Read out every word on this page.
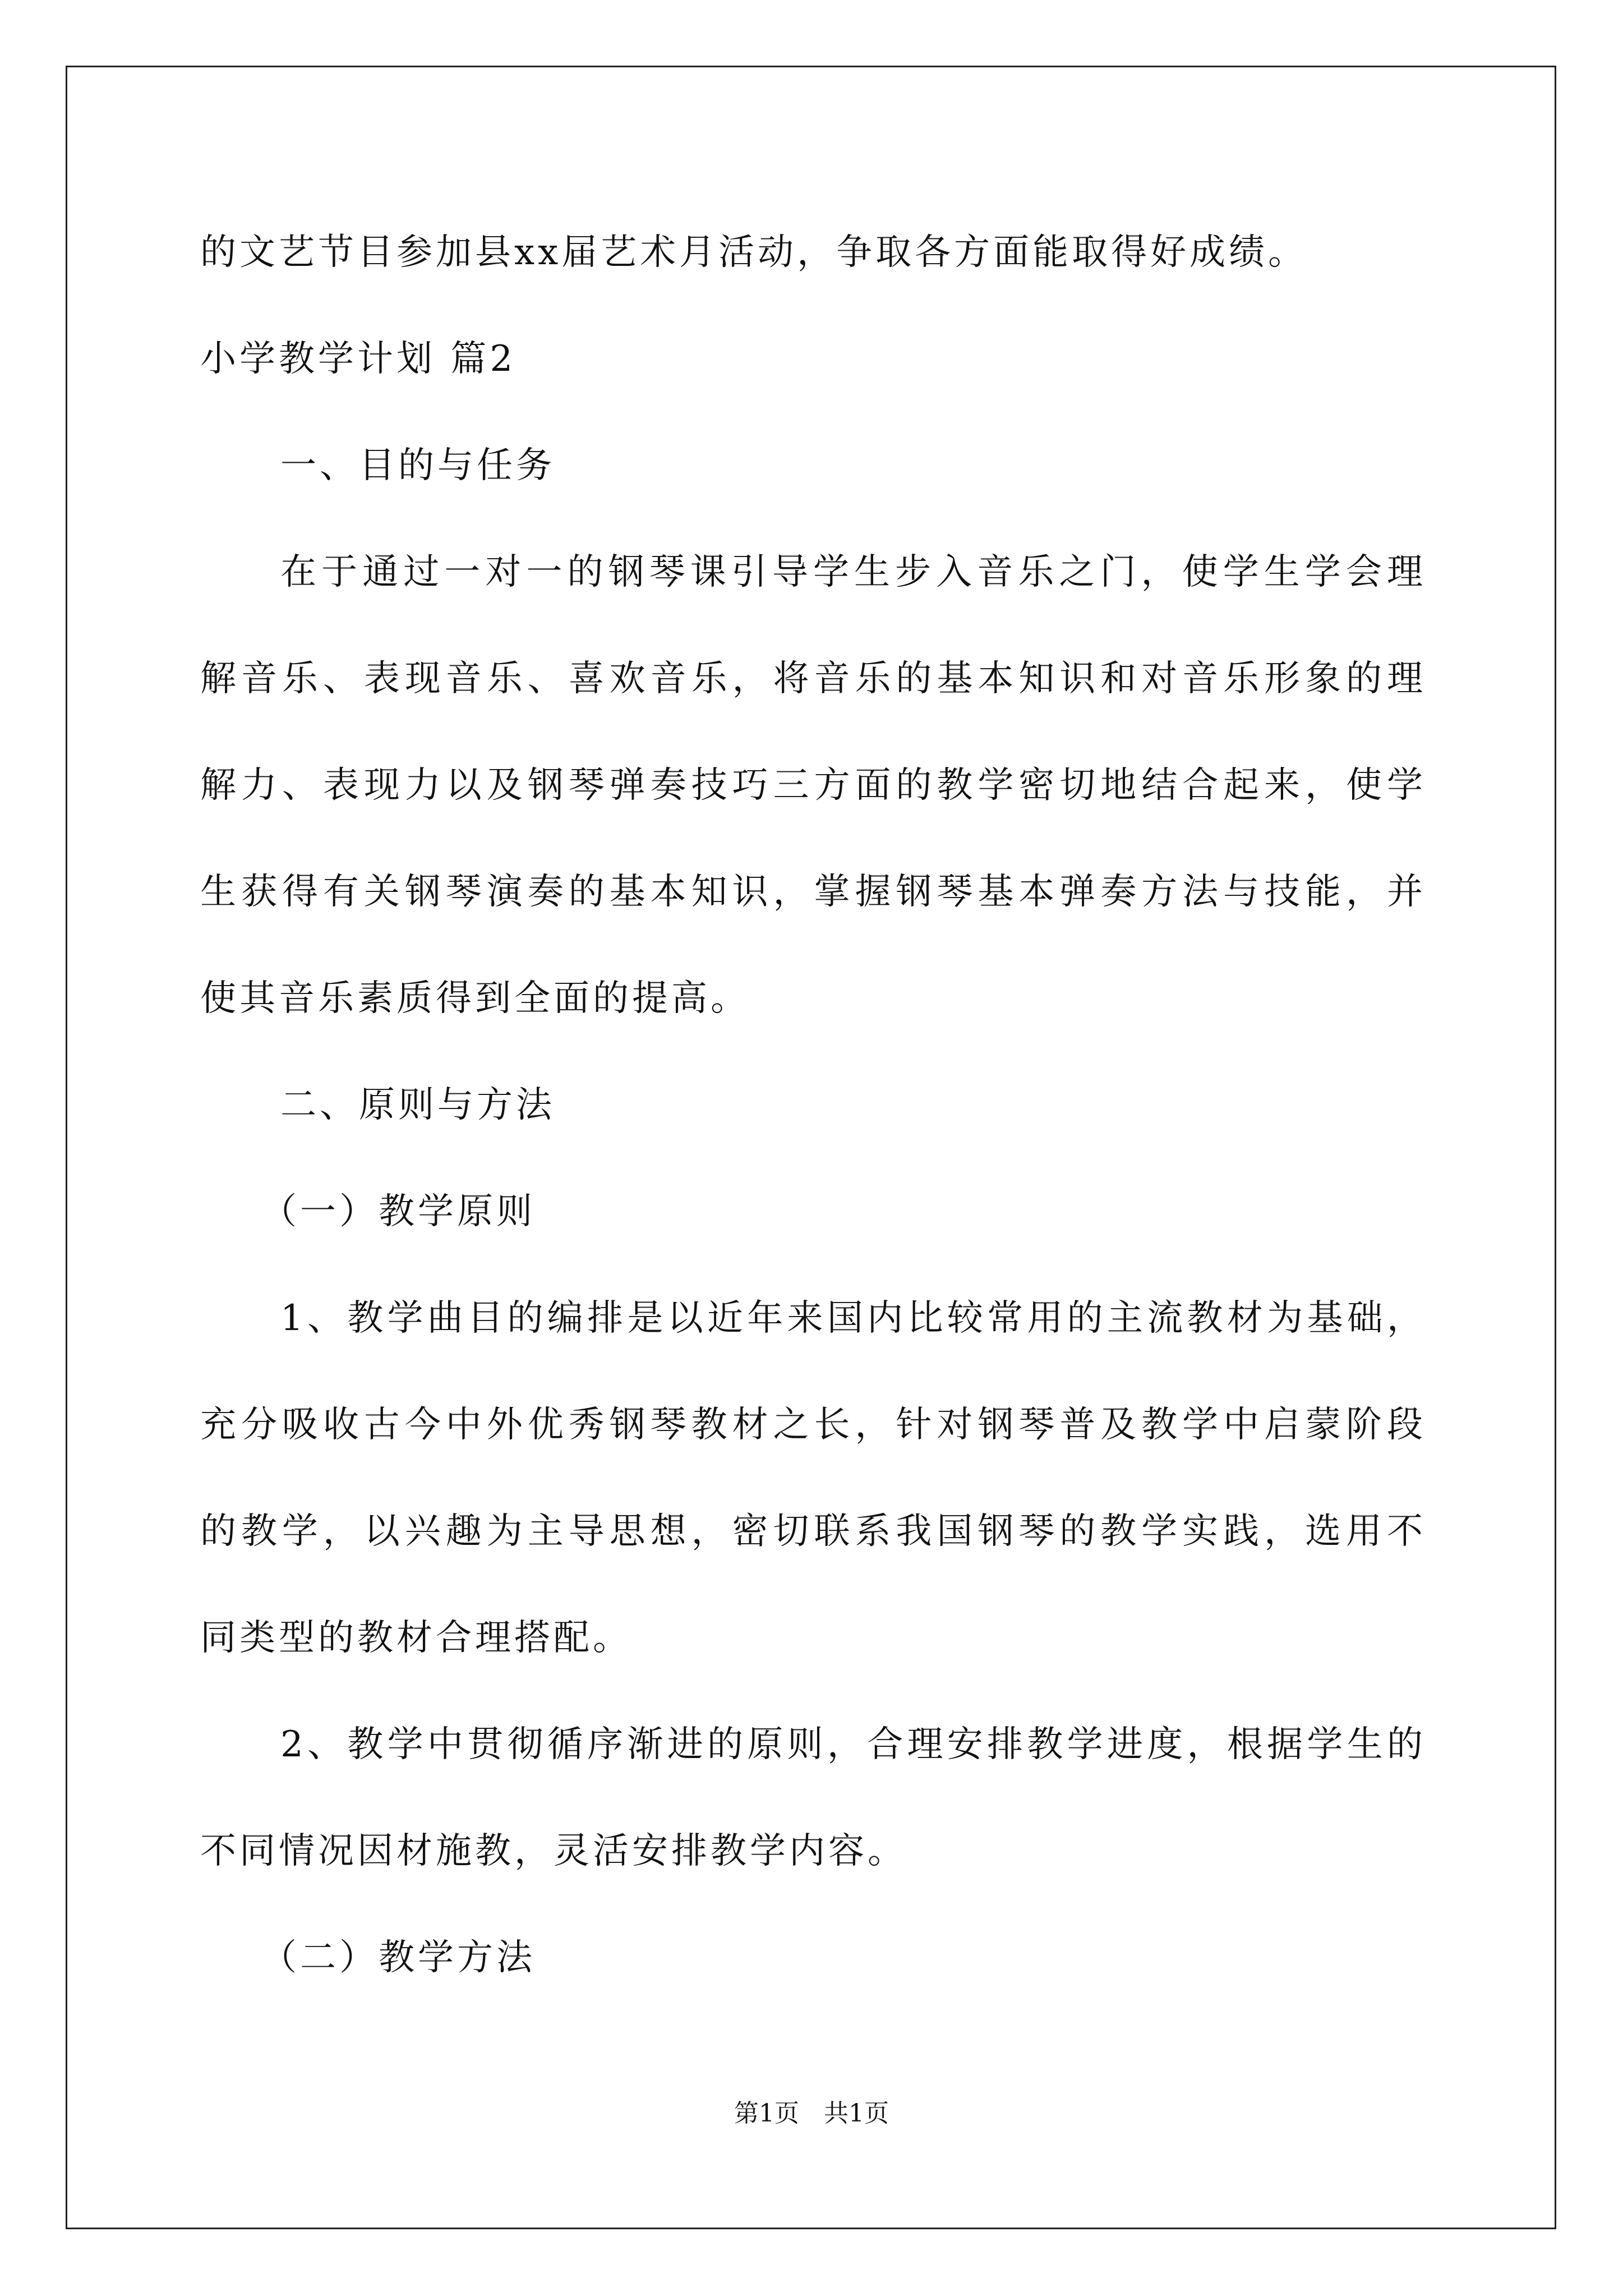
的文艺节目参加县xx届艺术月活动，争取各方面能取得好成绩。
小学教学计划 篇2
一、目的与任务
在于通过一对一的钢琴课引导学生步入音乐之门，使学生学会理
解音乐、表现音乐、喜欢音乐，将音乐的基本知识和对音乐形象的理
解力、表现力以及钢琴弹奏技巧三方面的教学密切地结合起来，使学
生获得有关钢琴演奏的基本知识，掌握钢琴基本弹奏方法与技能，并
使其音乐素质得到全面的提高。
二、原则与方法
（一）教学原则
1、教学曲目的编排是以近年来国内比较常用的主流教材为基础，
充分吸收古今中外优秀钢琴教材之长，针对钢琴普及教学中启蒙阶段
的教学，以兴趣为主导思想，密切联系我国钢琴的教学实践，选用不
同类型的教材合理搭配。
2、教学中贯彻循序渐进的原则，合理安排教学进度，根据学生的
不同情况因材施教，灵活安排教学内容。
（二）教学方法
第1页　共1页
